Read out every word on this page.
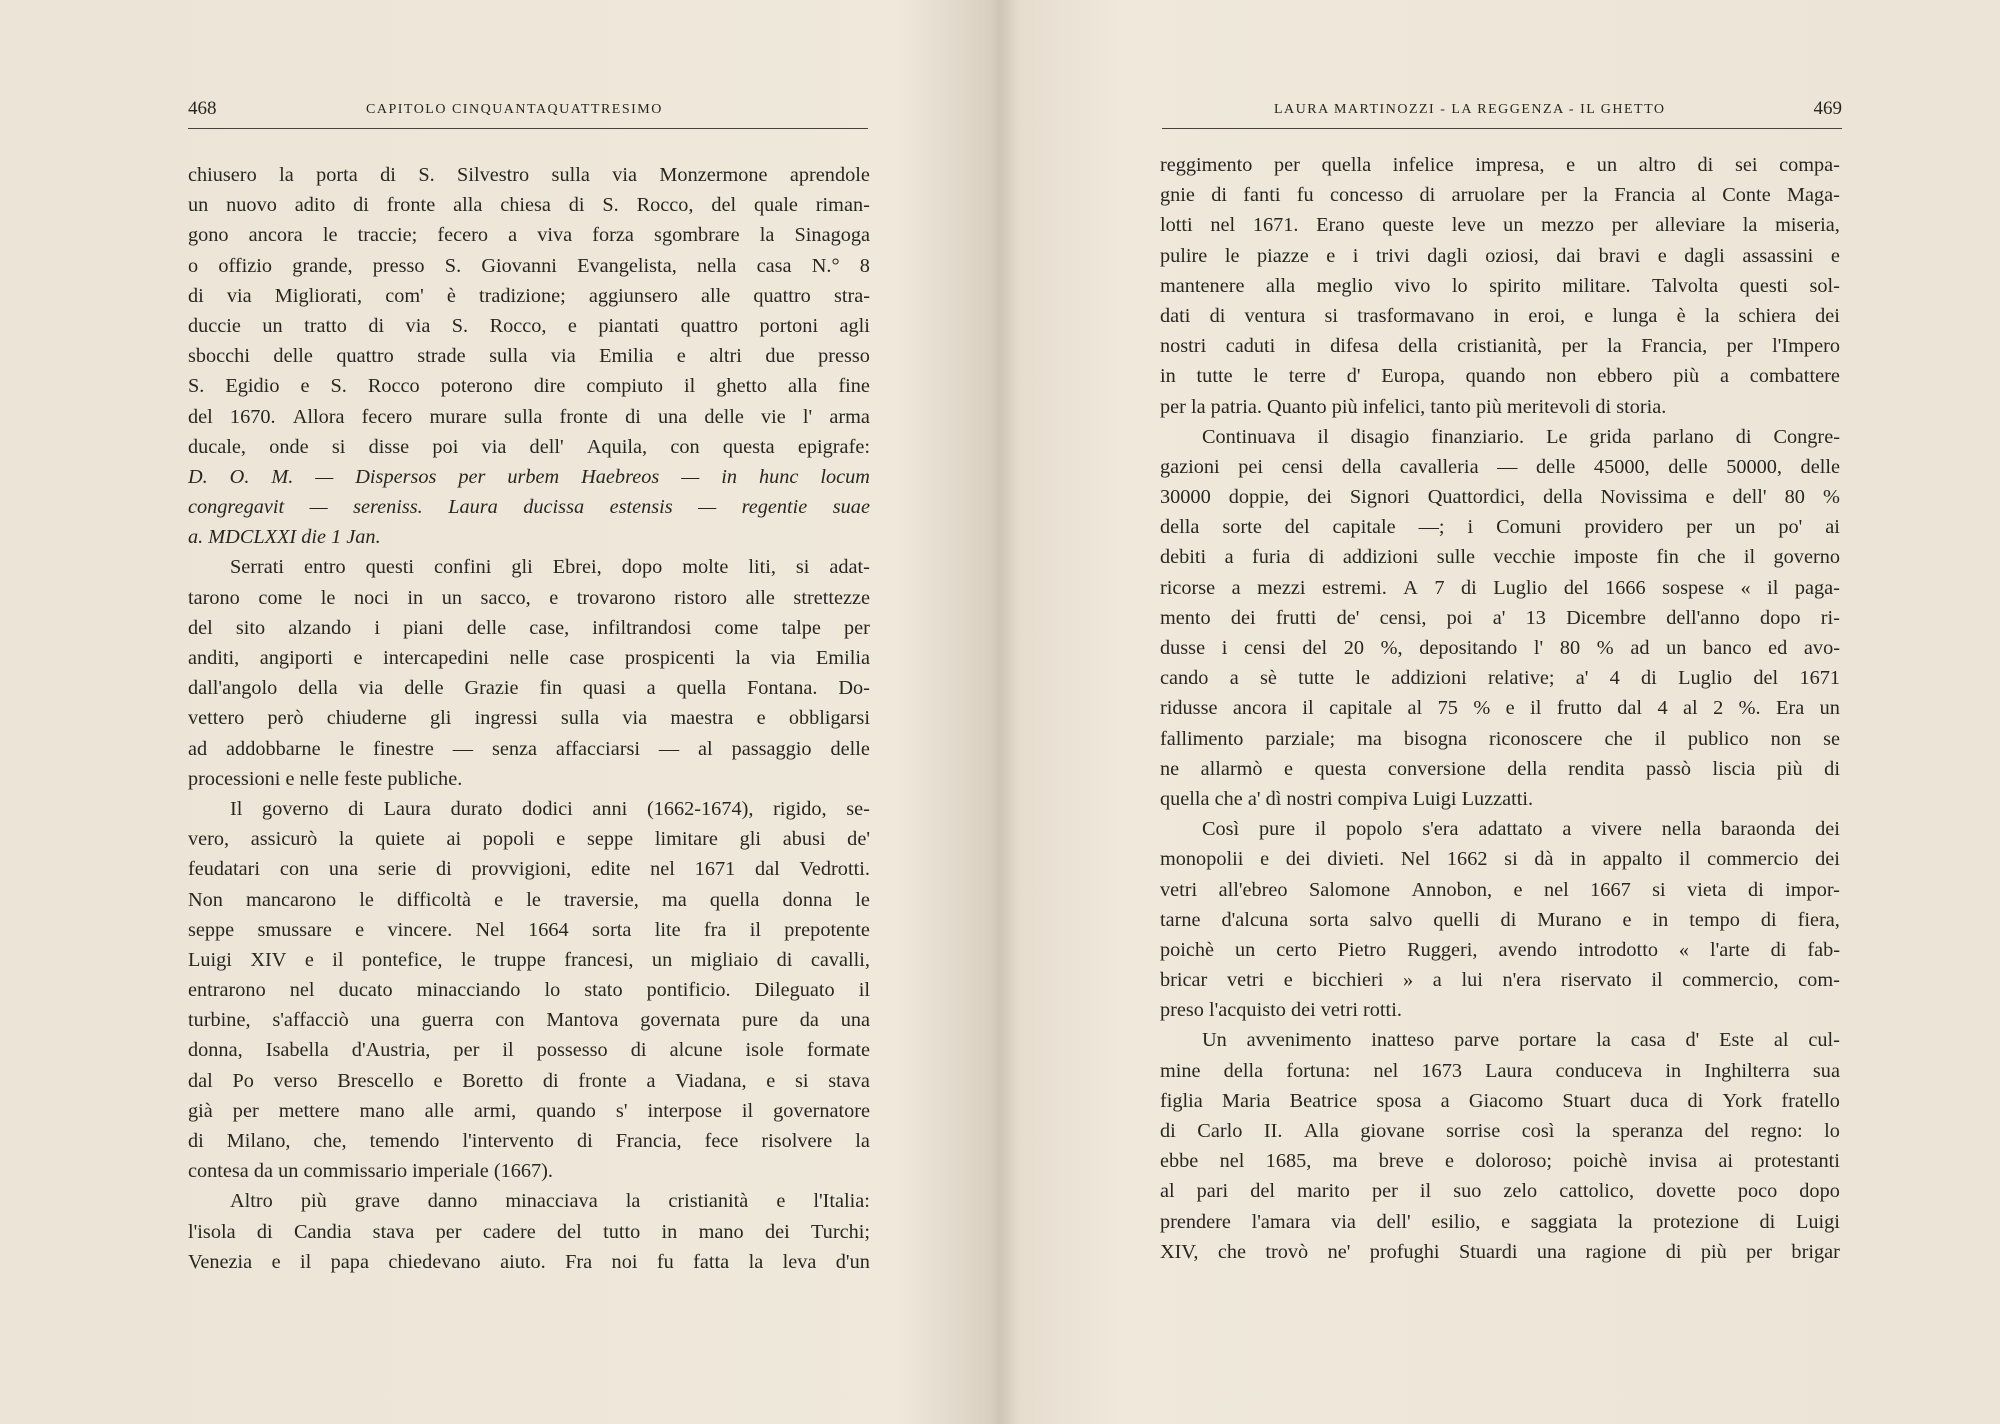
468	CAPITOLO CINQUANTAQUATTRESIMO
chiusero la porta di S. Silvestro sulla via Monzermone aprendole
un nuovo adito di fronte alla chiesa di S. Rocco, del quale riman-
gono ancora le traccie; fecero a viva forza sgombrare la Sinagoga
o offizio grande, presso S. Giovanni Evangelista, nella casa N.° 8
di via Migliorati, com' è tradizione; aggiunsero alle quattro stra-
duccie un tratto di via S. Rocco, e piantati quattro portoni agli
sbocchi delle quattro strade sulla via Emilia e altri due presso
S. Egidio e S. Rocco poterono dire compiuto il ghetto alla fine
del 1670. Allora fecero murare sulla fronte di una delle vie l' arma
ducale, onde si disse poi via dell' Aquila, con questa epigrafe:
D. O. M. — Dispersos per urbem Haebreos — in hunc locum
congregavit — sereniss. Laura ducissa estensis — regentie suae
a. MDCLXXI die 1 Jan.
Serrati entro questi confini gli Ebrei, dopo molte liti, si adat-
tarono come le noci in un sacco, e trovarono ristoro alle strettezze
del sito alzando i piani delle case, infiltrandosi come talpe per
anditi, angiporti e intercapedini nelle case prospicenti la via Emilia
dall'angolo della via delle Grazie fin quasi a quella Fontana. Do-
vettero però chiuderne gli ingressi sulla via maestra e obbligarsi
ad addobbarne le finestre — senza affacciarsi — al passaggio delle
processioni e nelle feste publiche.
Il governo di Laura durato dodici anni (1662-1674), rigido, se-
vero, assicurò la quiete ai popoli e seppe limitare gli abusi de'
feudatari con una serie di provvigioni, edite nel 1671 dal Vedrotti.
Non mancarono le difficoltà e le traversie, ma quella donna le
seppe smussare e vincere. Nel 1664 sorta lite fra il prepotente
Luigi XIV e il pontefice, le truppe francesi, un migliaio di cavalli,
entrarono nel ducato minacciando lo stato pontificio. Dileguato il
turbine, s'affacciò una guerra con Mantova governata pure da una
donna, Isabella d'Austria, per il possesso di alcune isole formate
dal Po verso Brescello e Boretto di fronte a Viadana, e si stava
già per mettere mano alle armi, quando s' interpose il governatore
di Milano, che, temendo l'intervento di Francia, fece risolvere la
contesa da un commissario imperiale (1667).
Altro più grave danno minacciava la cristianità e l'Italia:
l'isola di Candia stava per cadere del tutto in mano dei Turchi;
Venezia e il papa chiedevano aiuto. Fra noi fu fatta la leva d'un
LAURA MARTINOZZI - LA REGGENZA - IL GHETTO	469
reggimento per quella infelice impresa, e un altro di sei compa-
gnie di fanti fu concesso di arruolare per la Francia al Conte Maga-
lotti nel 1671. Erano queste leve un mezzo per alleviare la miseria,
pulire le piazze e i trivi dagli oziosi, dai bravi e dagli assassini e
mantenere alla meglio vivo lo spirito militare. Talvolta questi sol-
dati di ventura si trasformavano in eroi, e lunga è la schiera dei
nostri caduti in difesa della cristianità, per la Francia, per l'Impero
in tutte le terre d' Europa, quando non ebbero più a combattere
per la patria. Quanto più infelici, tanto più meritevoli di storia.
Continuava il disagio finanziario. Le grida parlano di Congre-
gazioni pei censi della cavalleria — delle 45000, delle 50000, delle
30000 doppie, dei Signori Quattordici, della Novissima e dell' 80 %
della sorte del capitale —; i Comuni providero per un po' ai
debiti a furia di addizioni sulle vecchie imposte fin che il governo
ricorse a mezzi estremi. A 7 di Luglio del 1666 sospese « il paga-
mento dei frutti de' censi, poi a' 13 Dicembre dell'anno dopo ri-
dusse i censi del 20 %, depositando l' 80 % ad un banco ed avo-
cando a sè tutte le addizioni relative; a' 4 di Luglio del 1671
ridusse ancora il capitale al 75 % e il frutto dal 4 al 2 %. Era un
fallimento parziale; ma bisogna riconoscere che il publico non se
ne allarmò e questa conversione della rendita passò liscia più di
quella che a' dì nostri compiva Luigi Luzzatti.
Così pure il popolo s'era adattato a vivere nella baraonda dei
monopolii e dei divieti. Nel 1662 si dà in appalto il commercio dei
vetri all'ebreo Salomone Annobon, e nel 1667 si vieta di impor-
tarne d'alcuna sorta salvo quelli di Murano e in tempo di fiera,
poichè un certo Pietro Ruggeri, avendo introdotto « l'arte di fab-
bricar vetri e bicchieri » a lui n'era riservato il commercio, com-
preso l'acquisto dei vetri rotti.
Un avvenimento inatteso parve portare la casa d' Este al cul-
mine della fortuna: nel 1673 Laura conduceva in Inghilterra sua
figlia Maria Beatrice sposa a Giacomo Stuart duca di York fratello
di Carlo II. Alla giovane sorrise così la speranza del regno: lo
ebbe nel 1685, ma breve e doloroso; poichè invisa ai protestanti
al pari del marito per il suo zelo cattolico, dovette poco dopo
prendere l'amara via dell' esilio, e saggiata la protezione di Luigi
XIV, che trovò ne' profughi Stuardi una ragione di più per brigar
